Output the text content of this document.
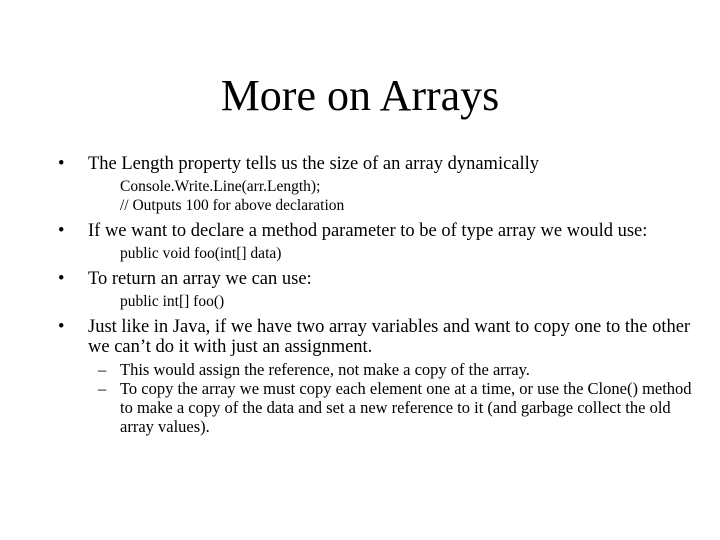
More on Arrays
•	The Length property tells us the size of an array dynamically
Console.Write.Line(arr.Length);
// Outputs 100 for above declaration
•	If we want to declare a method parameter to be of type array we would use:
public void foo(int[] data)
•	To return an array we can use:
public int[] foo()
•	Just like in Java, if we have two array variables and want to copy one to the other we can’t do it with just an assignment.
– This would assign the reference, not make a copy of the array.
– To copy the array we must copy each element one at a time, or use the Clone() method to make a copy of the data and set a new reference to it (and garbage collect the old array values).
